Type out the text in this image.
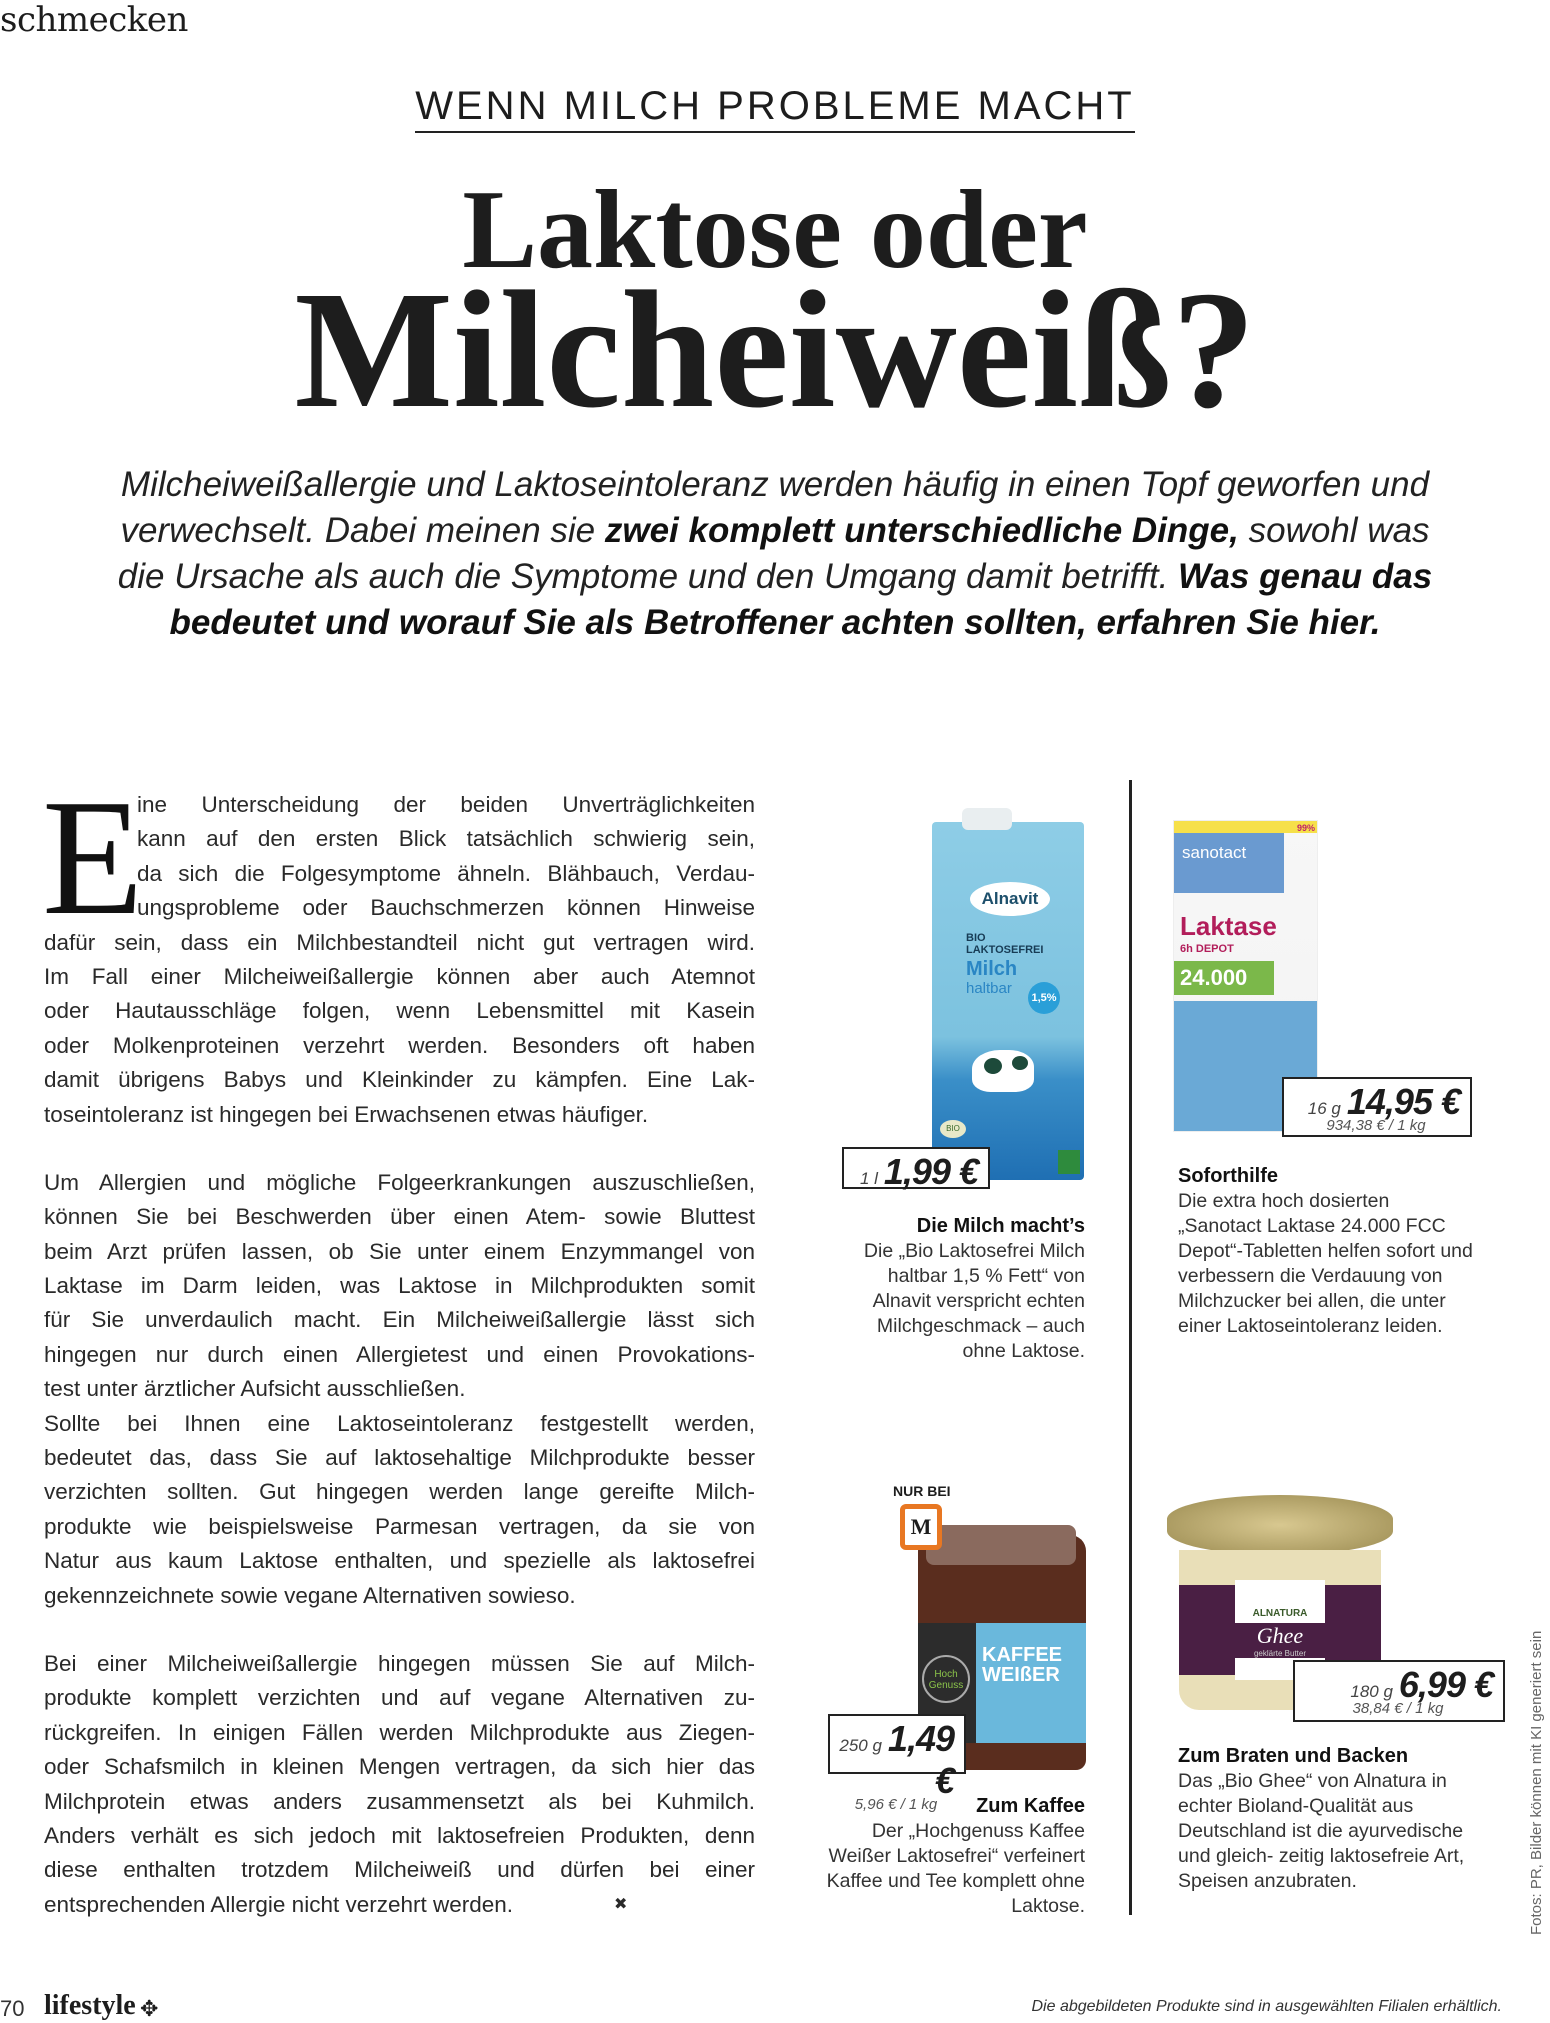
schmecken
WENN MILCH PROBLEME MACHT
Laktose oder
Milcheiweiß?

Milcheiweißallergie und Laktoseintoleranz werden häufig in einen Topf geworfen und verwechselt. Dabei meinen sie zwei komplett unterschiedliche Dinge, sowohl was die Ursache als auch die Symptome und den Umgang damit betrifft. Was genau das bedeutet und worauf Sie als Betroffener achten sollten, erfahren Sie hier.

E
ine Unterscheidung der beiden Unverträglichkeiten
kann auf den ersten Blick tatsächlich schwierig sein,
da sich die Folgesymptome ähneln. Blähbauch, Verdau-
ungsprobleme oder Bauchschmerzen können Hinweise
dafür sein, dass ein Milchbestandteil nicht gut vertragen wird.
Im Fall einer Milcheiweißallergie können aber auch Atemnot
oder Hautausschläge folgen, wenn Lebensmittel mit Kasein
oder Molkenproteinen verzehrt werden. Besonders oft haben
damit übrigens Babys und Kleinkinder zu kämpfen. Eine Lak-
toseintoleranz ist hingegen bei Erwachsenen etwas häufiger.
Um Allergien und mögliche Folgeerkrankungen auszuschließen,
können Sie bei Beschwerden über einen Atem- sowie Bluttest
beim Arzt prüfen lassen, ob Sie unter einem Enzymmangel von
Laktase im Darm leiden, was Laktose in Milchprodukten somit
für Sie unverdaulich macht. Ein Milcheiweißallergie lässt sich
hingegen nur durch einen Allergietest und einen Provokations-
test unter ärztlicher Aufsicht ausschließen.
Sollte bei Ihnen eine Laktoseintoleranz festgestellt werden,
bedeutet das, dass Sie auf laktosehaltige Milchprodukte besser
verzichten sollten. Gut hingegen werden lange gereifte Milch-
produkte wie beispielsweise Parmesan vertragen, da sie von
Natur aus kaum Laktose enthalten, und spezielle als laktosefrei
gekennzeichnete sowie vegane Alternativen sowieso.
Bei einer Milcheiweißallergie hingegen müssen Sie auf Milch-
produkte komplett verzichten und auf vegane Alternativen zu-
rückgreifen. In einigen Fällen werden Milchprodukte aus Ziegen-
oder Schafsmilch in kleinen Mengen vertragen, da sich hier das
Milchprotein etwas anders zusammensetzt als bei Kuhmilch.
Anders verhält es sich jedoch mit laktosefreien Produkten, denn
diese enthalten trotzdem Milcheiweiß und dürfen bei einer
entsprechenden Allergie nicht verzehrt werden.	✖
Alnavit
BIO
LAKTOSEFREI
Milch
haltbar
1,5%
BIO
1 l 1,99 €
Die Milch macht’s
Die „Bio Laktosefrei Milch haltbar 1,5 % Fett“ von Alnavit verspricht echten Milchgeschmack – auch ohne Laktose.
99%
sanotact
Laktase
6h DEPOT
24.000
16 g 14,95 €
934,38 € / 1 kg
Soforthilfe
Die extra hoch dosierten „Sanotact Laktase 24.000 FCC Depot“-Tabletten helfen sofort und verbessern die Verdauung von Milchzucker bei allen, die unter einer Laktoseintoleranz leiden.
NUR BEI
M
KAFFEE
WEIßER
Hoch Genuss
250 g 1,49 €
5,96 € / 1 kg	Zum Kaffee
Der „Hochgenuss Kaffee Weißer Laktosefrei“ verfeinert Kaffee und Tee komplett ohne Laktose.
ALNATURA
Ghee
geklärte Butter
180 g 6,99 €
38,84 € / 1 kg
Zum Braten und Backen
Das „Bio Ghee“ von Alnatura in echter Bioland-Qualität aus Deutschland ist die ayurvedische und gleich- zeitig laktosefreie Art, Speisen anzubraten.
70 lifestyle ✥	Die abgebildeten Produkte sind in ausgewählten Filialen erhältlich.
Fotos: PR, Bilder können mit KI generiert sein
